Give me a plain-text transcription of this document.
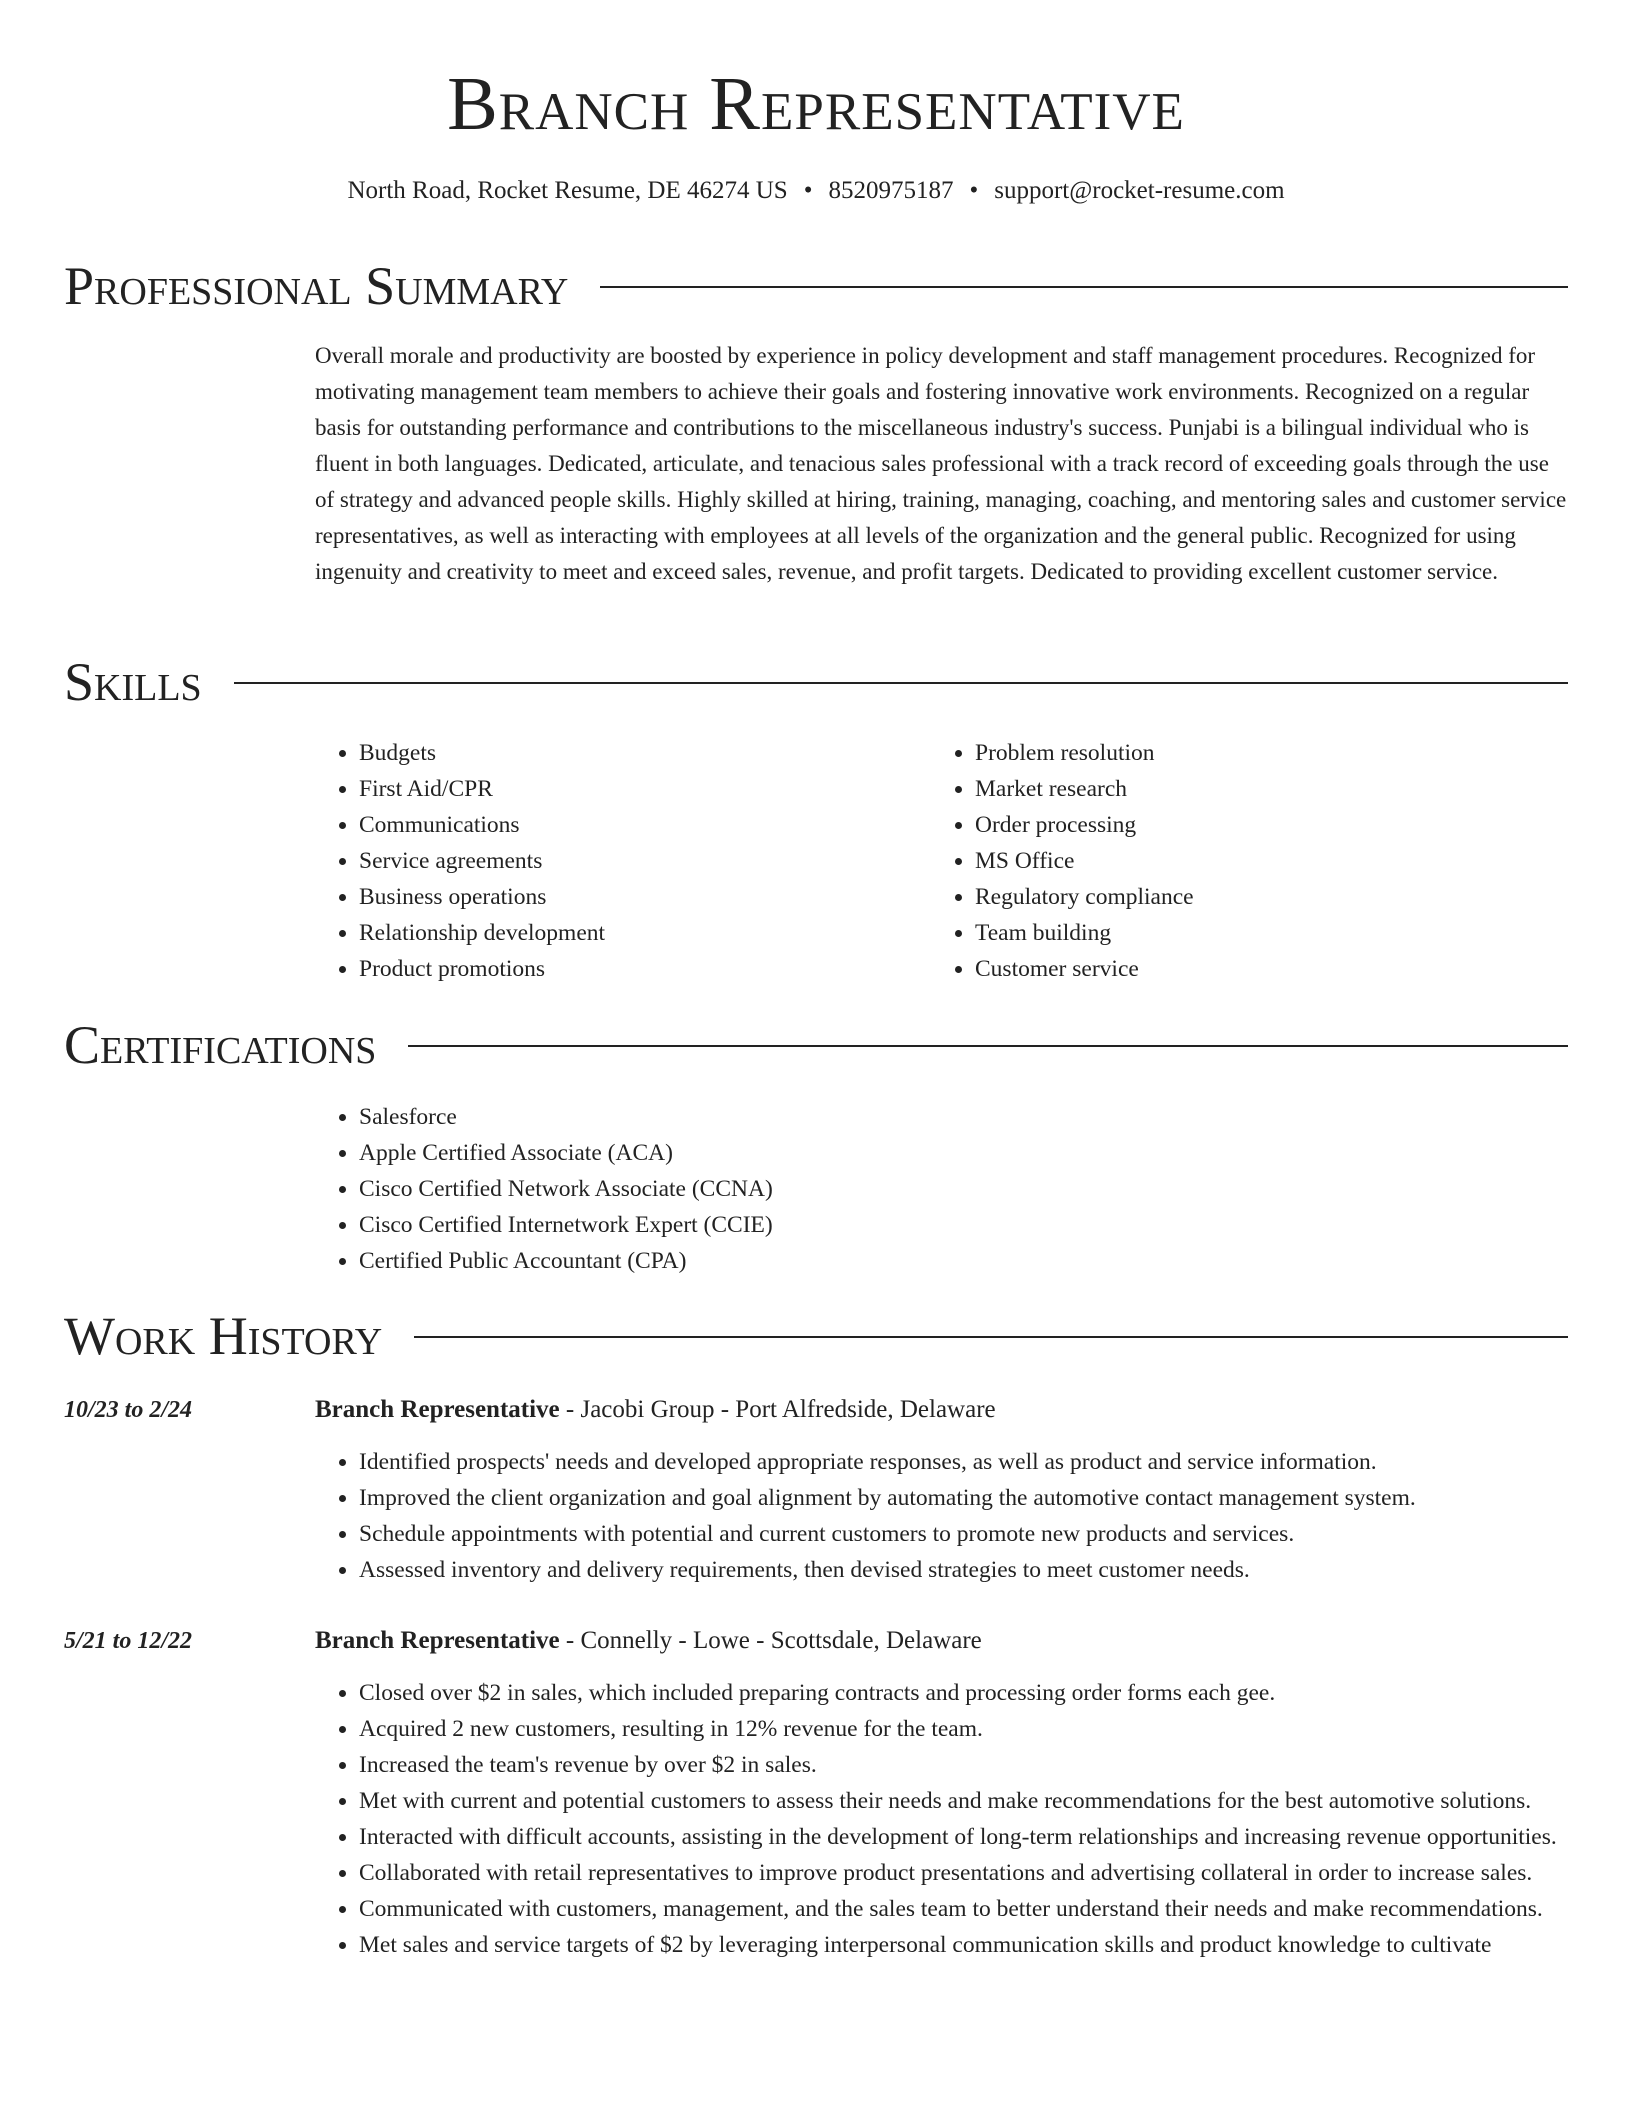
Branch Representative
North Road, Rocket Resume, DE 46274 US • 8520975187 • support@rocket-resume.com
Professional Summary

Overall morale and productivity are boosted by experience in policy development and staff management procedures. Recognized for motivating management team members to achieve their goals and fostering innovative work environments. Recognized on a regular basis for outstanding performance and contributions to the miscellaneous industry's success. Punjabi is a bilingual individual who is fluent in both languages. Dedicated, articulate, and tenacious sales professional with a track record of exceeding goals through the use of strategy and advanced people skills. Highly skilled at hiring, training, managing, coaching, and mentoring sales and customer service representatives, as well as interacting with employees at all levels of the organization and the general public. Recognized for using ingenuity and creativity to meet and exceed sales, revenue, and profit targets. Dedicated to providing excellent customer service.

Skills
• Budgets
• First Aid/CPR
• Communications
• Service agreements
• Business operations
• Relationship development
• Product promotions
• Problem resolution
• Market research
• Order processing
• MS Office
• Regulatory compliance
• Team building
• Customer service
Certifications
• Salesforce
• Apple Certified Associate (ACA)
• Cisco Certified Network Associate (CCNA)
• Cisco Certified Internetwork Expert (CCIE)
• Certified Public Accountant (CPA)
Work History
10/23 to 2/24	Branch Representative - Jacobi Group - Port Alfredside, Delaware
• Identified prospects' needs and developed appropriate responses, as well as product and service information.
• Improved the client organization and goal alignment by automating the automotive contact management system.
• Schedule appointments with potential and current customers to promote new products and services.
• Assessed inventory and delivery requirements, then devised strategies to meet customer needs.
5/21 to 12/22	Branch Representative - Connelly - Lowe - Scottsdale, Delaware
• Closed over $2 in sales, which included preparing contracts and processing order forms each gee.
• Acquired 2 new customers, resulting in 12% revenue for the team.
• Increased the team's revenue by over $2 in sales.
• Met with current and potential customers to assess their needs and make recommendations for the best automotive solutions.
• Interacted with difficult accounts, assisting in the development of long-term relationships and increasing revenue opportunities.
• Collaborated with retail representatives to improve product presentations and advertising collateral in order to increase sales.
• Communicated with customers, management, and the sales team to better understand their needs and make recommendations.
• Met sales and service targets of $2 by leveraging interpersonal communication skills and product knowledge to cultivate
